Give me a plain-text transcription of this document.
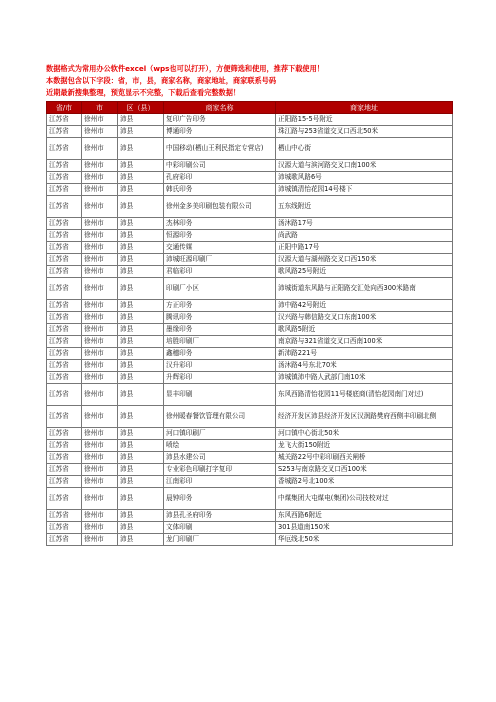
数据格式为常用办公软件excel（wps也可以打开），方便筛选和使用，推荐下载使用！
本数据包含以下字段：省，市，县，商家名称，商家地址，商家联系号码
近期最新搜集整理，预览显示不完整，下载后查看完整数据！
省/市	市	区（县）	商家名称	商家地址
江苏省	徐州市	沛县	复印广告印务	正阳路15-5号附近
江苏省	徐州市	沛县	博通印务	珠江路与253省道交叉口西北50米
江苏省	徐州市	沛县	中国移动(栖山王利民指定专营店)	栖山中心街
江苏省	徐州市	沛县	中彩印刷公司	汉源大道与滨河路交叉口南100米
江苏省	徐州市	沛县	孔府彩印	沛城歌风路6号
江苏省	徐州市	沛县	韩氏印务	沛城镇清怡花园14号楼下
江苏省	徐州市	沛县	徐州金多美印刷包装有限公司	五东线附近
江苏省	徐州市	沛县	杰林印务	汤沐路17号
江苏省	徐州市	沛县	恒源印务	尚武路
江苏省	徐州市	沛县	交通传媒	正阳中路17号
江苏省	徐州市	沛县	沛城旺源印刷厂	汉源大道与湖州路交叉口西150米
江苏省	徐州市	沛县	君临彩印	歌风路25号附近
江苏省	徐州市	沛县	印刷厂小区	沛城街道东风路与正阳路交汇处向西300米路南
江苏省	徐州市	沛县	方正印务	沛中路42号附近
江苏省	徐州市	沛县	腾讯印务	汉兴路与韩信路交叉口东南100米
江苏省	徐州市	沛县	墨缘印务	歌风路5附近
江苏省	徐州市	沛县	培胜印刷厂	南京路与321省道交叉口西南100米
江苏省	徐州市	沛县	鑫穗印务	新沛路221号
江苏省	徐州市	沛县	汉升彩印	汤沐路4号东北70米
江苏省	徐州市	沛县	升辉彩印	沛城镇沛中路人武部门南10米
江苏省	徐州市	沛县	显丰印刷	东风西路清怡花园11号楼底商(清怡花园南门对过)
江苏省	徐州市	沛县	徐州暖春餐饮管理有限公司	经济开发区沛县经济开发区汉润路樊府西侧丰印刷北侧
江苏省	徐州市	沛县	河口镇印刷厂	河口镇中心街北50米
江苏省	徐州市	沛县	喷绘	龙飞大街150附近
江苏省	徐州市	沛县	沛县水建公司	城关路22号中彩印刷西关闸桥
江苏省	徐州市	沛县	专业彩色印刷打字复印	S253与南京路交叉口西100米
江苏省	徐州市	沛县	江南彩印	香城路2号北100米
江苏省	徐州市	沛县	晨钟印务	中煤集团大屯煤电(集团)公司技校对过
江苏省	徐州市	沛县	沛县孔圣府印务	东风西路6附近
江苏省	徐州市	沛县	文体印刷	301县道南150米
江苏省	徐州市	沛县	龙门印刷厂	华厄线北50米
